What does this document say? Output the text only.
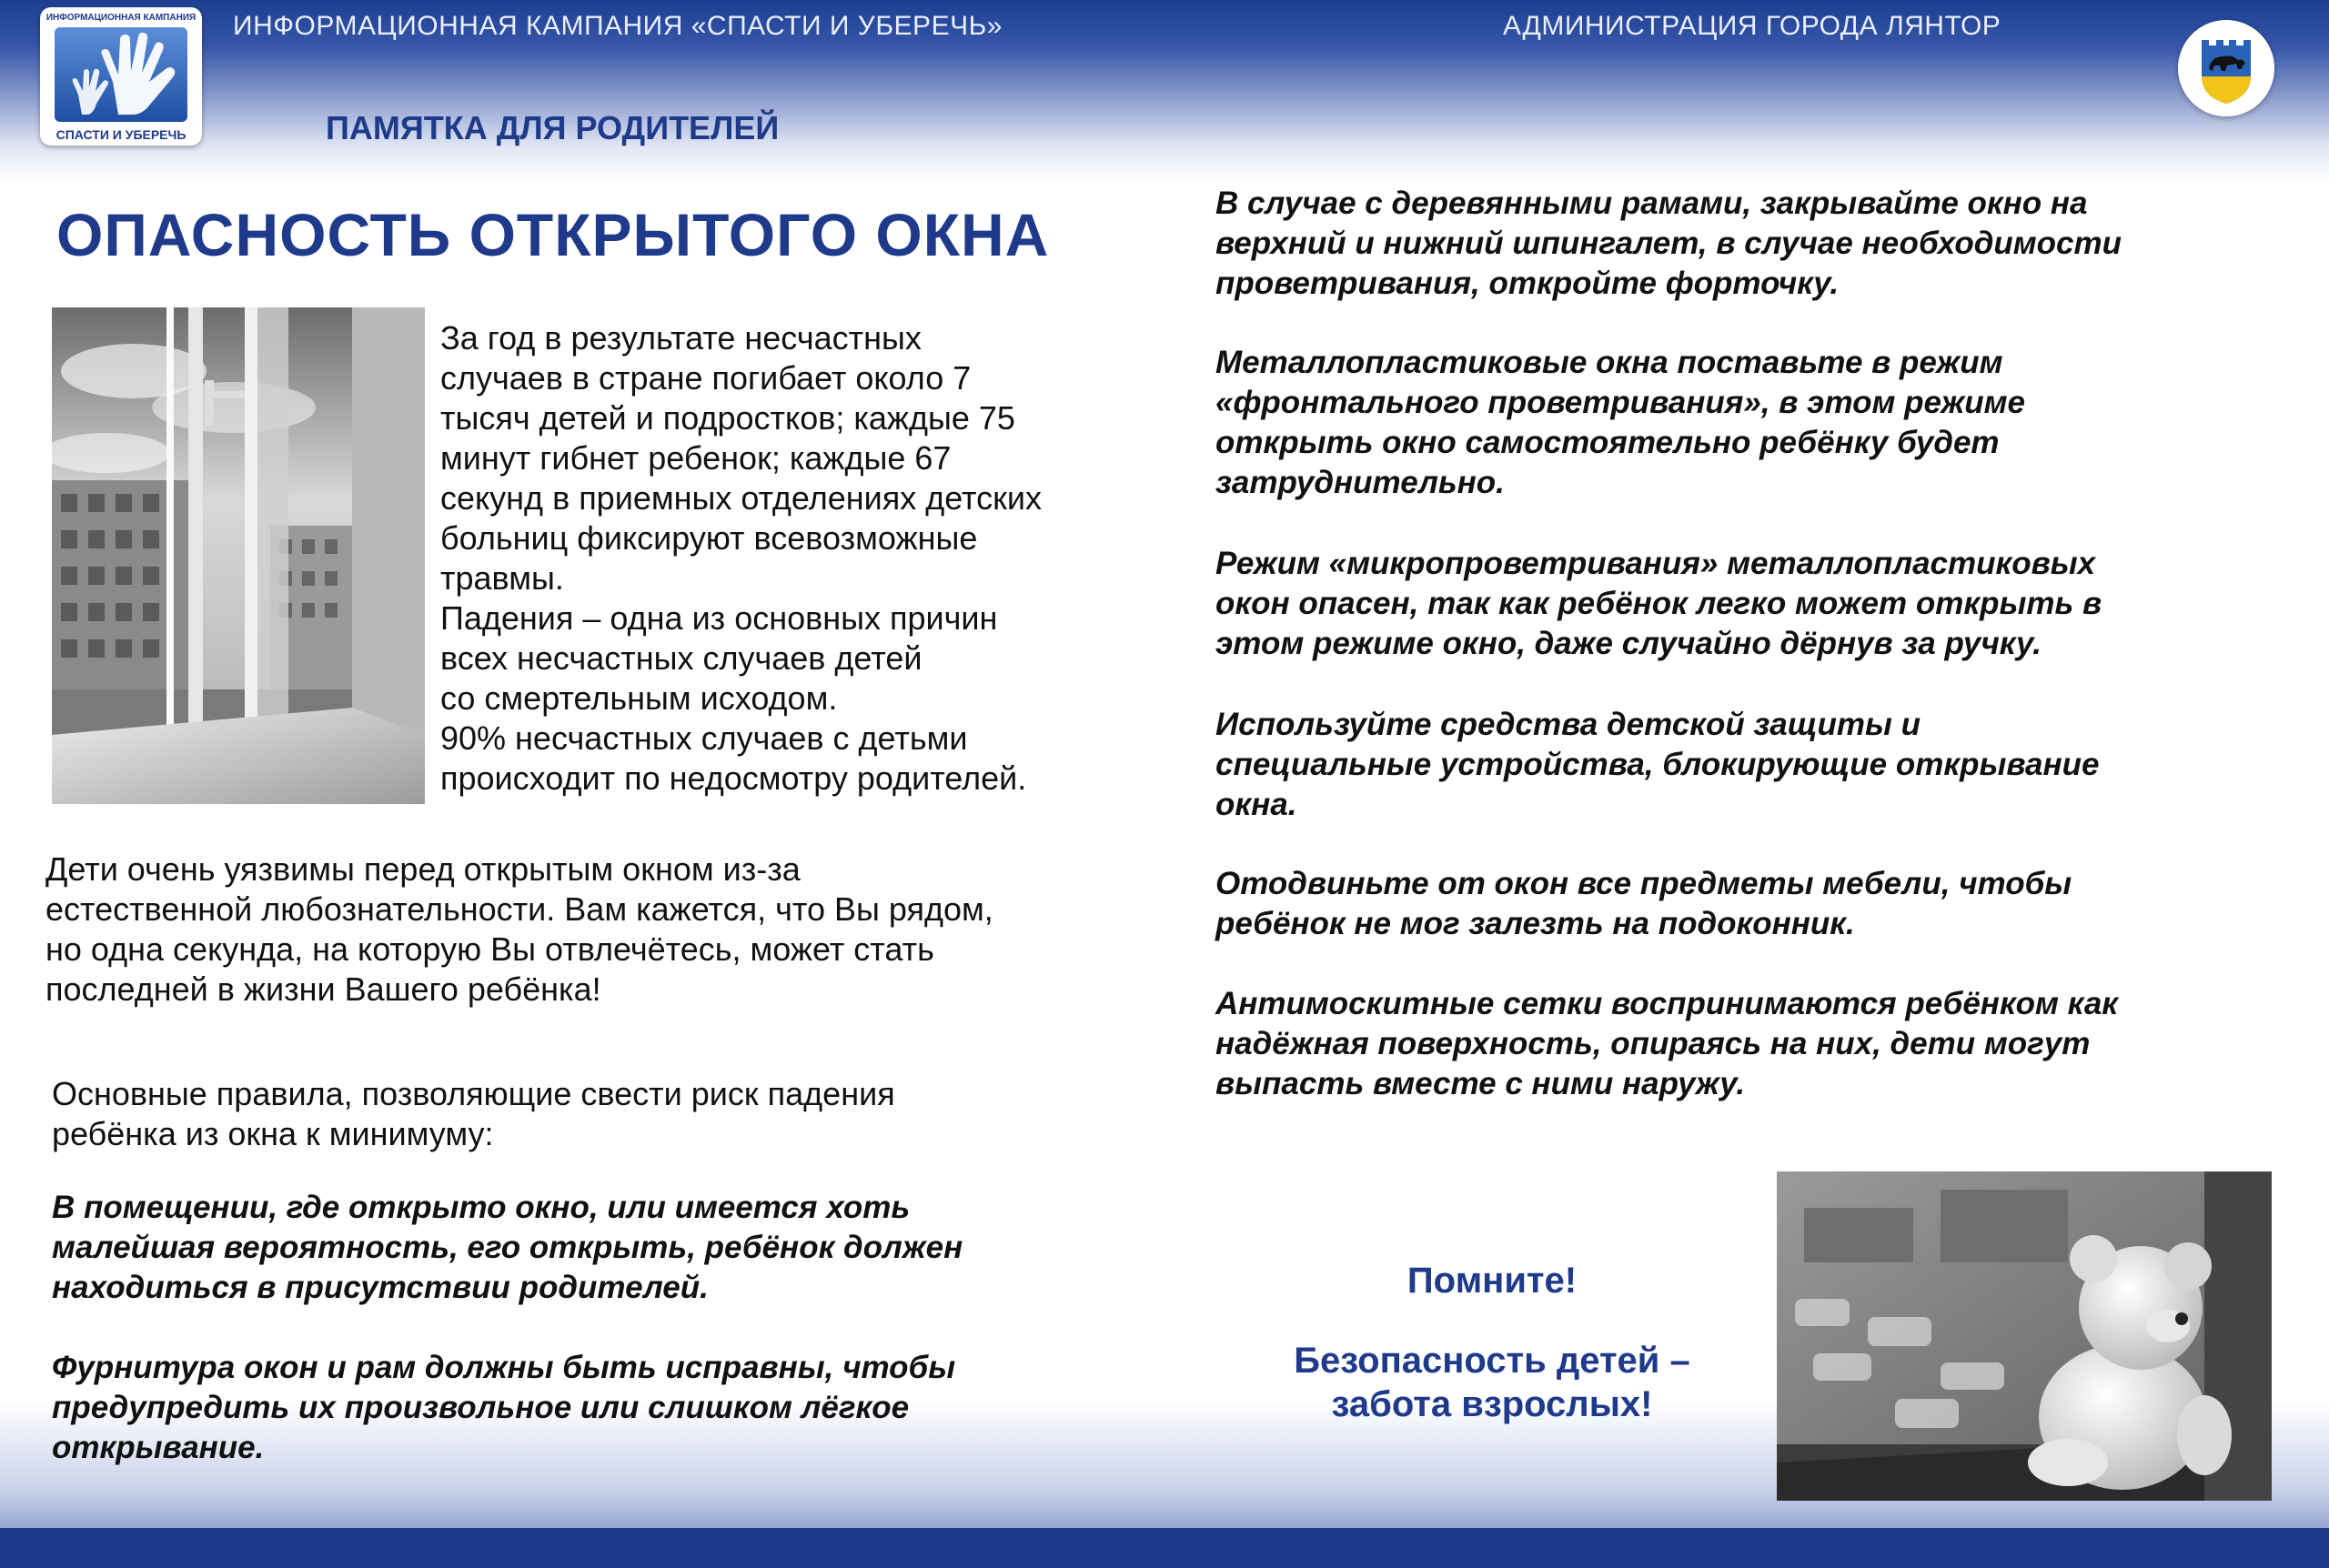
ИНФОРМАЦИОННАЯ КАМПАНИЯ «СПАСТИ И УБЕРЕЧЬ»	АДМИНИСТРАЦИЯ ГОРОДА ЛЯНТОР
ИНФОРМАЦИОННАЯ КАМПАНИЯ
СПАСТИ И УБЕРЕЧЬ	ПАМЯТКА ДЛЯ РОДИТЕЛЕЙ
ОПАСНОСТЬ ОТКРЫТОГО ОКНА

За год в результате несчастных
случаев в стране погибает около 7
тысяч детей и подростков; каждые 75
минут гибнет ребенок; каждые 67
секунд в приемных отделениях детских
больниц фиксируют всевозможные
травмы.
Падения – одна из основных причин
всех несчастных случаев детей
со смертельным исходом.
90% несчастных случаев с детьми
происходит по недосмотру родителей.

Дети очень уязвимы перед открытым окном из-за
естественной любознательности. Вам кажется, что Вы рядом,
но одна секунда, на которую Вы отвлечётесь, может стать
последней в жизни Вашего ребёнка!

Основные правила, позволяющие свести риск падения
ребёнка из окна к минимуму:

В помещении, где открыто окно, или имеется хоть
малейшая вероятность, его открыть, ребёнок должен
находиться в присутствии родителей.

Фурнитура окон и рам должны быть исправны, чтобы
предупредить их произвольное или слишком лёгкое
открывание.

В случае с деревянными рамами, закрывайте окно на
верхний и нижний шпингалет, в случае необходимости
проветривания, откройте форточку.

Металлопластиковые окна поставьте в режим
«фронтального проветривания», в этом режиме
открыть окно самостоятельно ребёнку будет
затруднительно.

Режим «микропроветривания» металлопластиковых
окон опасен, так как ребёнок легко может открыть в
этом режиме окно, даже случайно дёрнув за ручку.

Используйте средства детской защиты и
специальные устройства, блокирующие открывание
окна.

Отодвиньте от окон все предметы мебели, чтобы
ребёнок не мог залезть на подоконник.

Антимоскитные сетки воспринимаются ребёнком как
надёжная поверхность, опираясь на них, дети могут
выпасть вместе с ними наружу.

Помните!
Безопасность детей –
забота взрослых!
